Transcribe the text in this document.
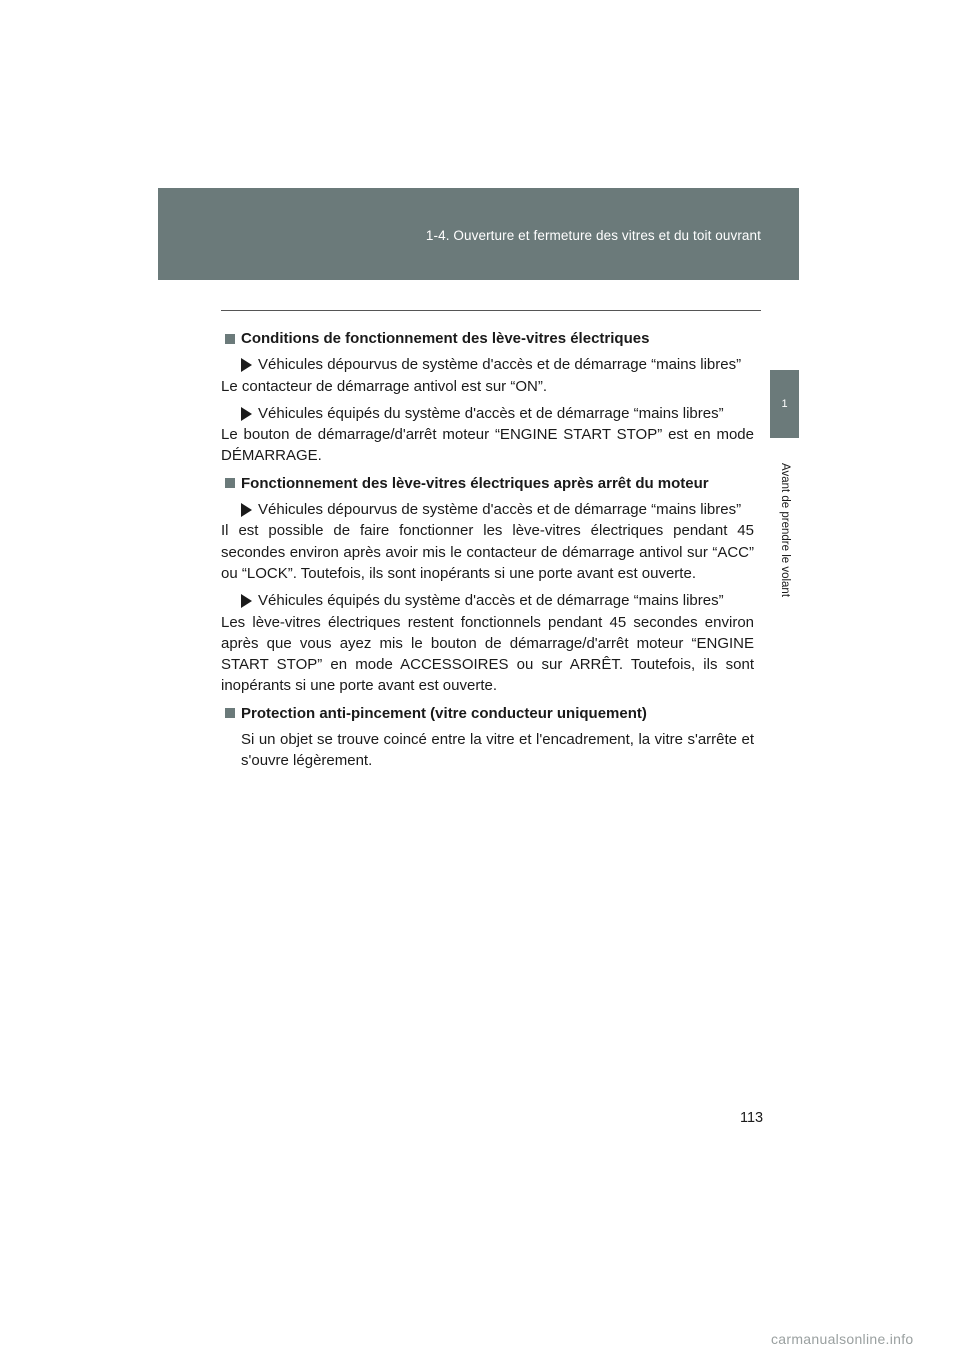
1-4. Ouverture et fermeture des vitres et du toit ouvrant
1
Avant de prendre le volant
Conditions de fonctionnement des lève-vitres électriques
Véhicules dépourvus de système d'accès et de démarrage “mains libres”

Le contacteur de démarrage antivol est sur “ON”.

Véhicules équipés du système d'accès et de démarrage “mains libres”

Le bouton de démarrage/d'arrêt moteur “ENGINE START STOP” est en mode DÉMARRAGE.

Fonctionnement des lève-vitres électriques après arrêt du moteur
Véhicules dépourvus de système d'accès et de démarrage “mains libres”

Il est possible de faire fonctionner les lève-vitres électriques pendant 45 secondes environ après avoir mis le contacteur de démarrage antivol sur “ACC” ou “LOCK”. Toutefois, ils sont inopérants si une porte avant est ouverte.

Véhicules équipés du système d'accès et de démarrage “mains libres”

Les lève-vitres électriques restent fonctionnels pendant 45 secondes environ après que vous ayez mis le bouton de démarrage/d'arrêt moteur “ENGINE START STOP” en mode ACCESSOIRES ou sur ARRÊT. Toutefois, ils sont inopérants si une porte avant est ouverte.

Protection anti-pincement (vitre conducteur uniquement)

Si un objet se trouve coincé entre la vitre et l'encadrement, la vitre s'arrête et s'ouvre légèrement.

113
carmanualsonline.info
